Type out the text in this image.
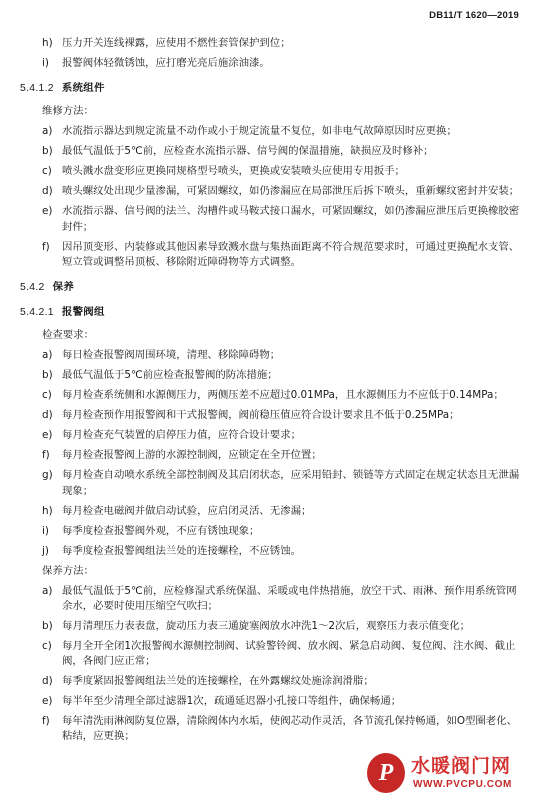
DB11/T 1620—2019
h) 压力开关连线裸露，应使用不燃性套管保护到位；
i) 报警阀体轻微锈蚀，应打磨光亮后施涂油漆。
5.4.1.2 系统组件
维修方法：
a) 水流指示器达到规定流量不动作或小于规定流量不复位，如非电气故障原因时应更换；
b) 最低气温低于5℃前，应检查水流指示器、信号阀的保温措施，缺损应及时修补；
c) 喷头溅水盘变形应更换同规格型号喷头，更换或安装喷头应使用专用扳手；
d) 喷头螺纹处出现少量渗漏，可紧固螺纹，如仍渗漏应在局部泄压后拆下喷头，重新螺纹密封并安装；
e) 水流指示器、信号阀的法兰、沟槽件或马鞍式接口漏水，可紧固螺纹，如仍渗漏应泄压后更换橡胶密封件；
f) 因吊顶变形、内装修或其他因素导致溅水盘与集热面距离不符合规范要求时，可通过更换配水支管、短立管或调整吊顶板、移除附近障碍物等方式调整。
5.4.2 保养
5.4.2.1 报警阀组
检查要求：
a) 每日检查报警阀周围环境，清理、移除障碍物；
b) 最低气温低于5℃前应检查报警阀的防冻措施；
c) 每月检查系统侧和水源侧压力，两侧压差不应超过0.01MPa，且水源侧压力不应低于0.14MPa；
d) 每月检查预作用报警阀和干式报警阀，阀前稳压值应符合设计要求且不低于0.25MPa；
e) 每月检查充气装置的启停压力值，应符合设计要求；
f) 每月检查报警阀上游的水源控制阀，应锁定在全开位置；
g) 每月检查自动喷水系统全部控制阀及其启闭状态，应采用铅封、锁链等方式固定在规定状态且无泄漏现象；
h) 每月检查电磁阀并做启动试验，应启闭灵活、无渗漏；
i) 每季度检查报警阀外观，不应有锈蚀现象；
j) 每季度检查报警阀组法兰处的连接螺栓，不应锈蚀。
保养方法：
a) 最低气温低于5℃前，应检修湿式系统保温、采暖或电伴热措施，放空干式、雨淋、预作用系统管网余水，必要时使用压缩空气吹扫；
b) 每月清理压力表表盘，旋动压力表三通旋塞阀放水冲洗1～2次后，观察压力表示值变化；
c) 每月全开全闭1次报警阀水源侧控制阀、试验警铃阀、放水阀、紧急启动阀、复位阀、注水阀、截止阀，各阀门应正常；
d) 每季度紧固报警阀组法兰处的连接螺栓，在外露螺纹处施涂润滑脂；
e) 每半年至少清理全部过滤器1次，疏通延迟器小孔接口等组件，确保畅通；
f) 每年清洗雨淋阀防复位器，清除阀体内水垢，使阀芯动作灵活，各节流孔保持畅通，如O型圈老化、粘结，应更换；
P 水暖阀门网
WWW.PVCPU.COM
